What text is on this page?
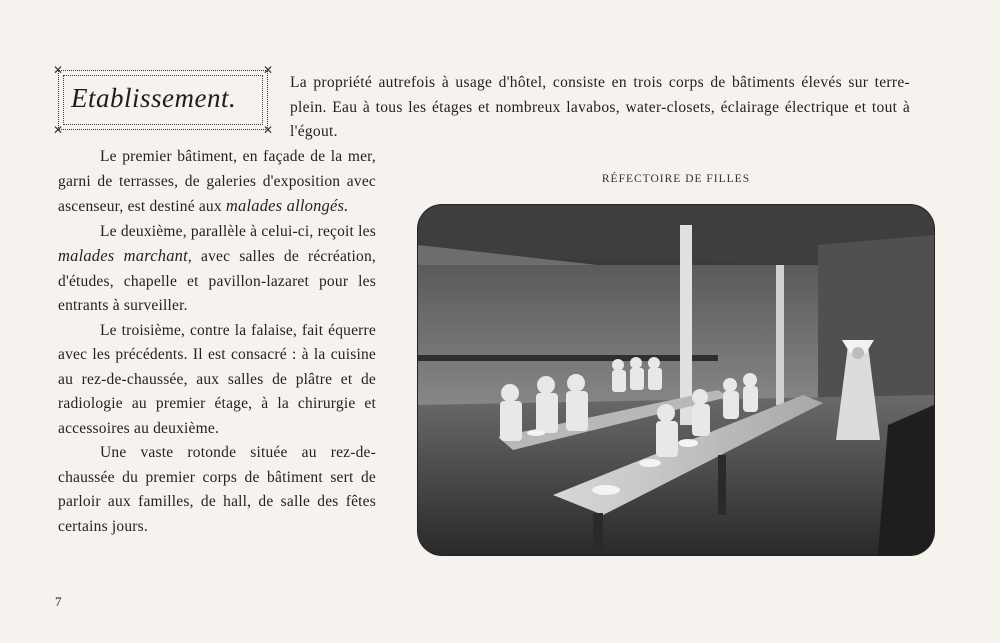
✕	✕
✕	✕
Etablissement.
La propriété autrefois à usage d'hôtel, consiste en trois corps de bâtiments élevés sur terre-plein. Eau à tous les étages et nombreux lavabos, water-closets, éclairage électrique et tout à l'égout.

Le premier bâtiment, en façade de la mer, garni de terrasses, de galeries d'exposition avec ascenseur, est destiné aux malades allongés.

Le deuxième, parallèle à celui-ci, reçoit les malades marchant, avec salles de récréation, d'études, chapelle et pavillon-lazaret pour les entrants à surveiller.

Le troisième, contre la falaise, fait équerre avec les précédents. Il est consacré : à la cuisine au rez-de-chaussée, aux salles de plâtre et de radiologie au premier étage, à la chirurgie et accessoires au deuxième.

Une vaste rotonde située au rez-de-chaussée du premier corps de bâtiment sert de parloir aux familles, de hall, de salle des fêtes certains jours.

RÉFECTOIRE DE FILLES
7
